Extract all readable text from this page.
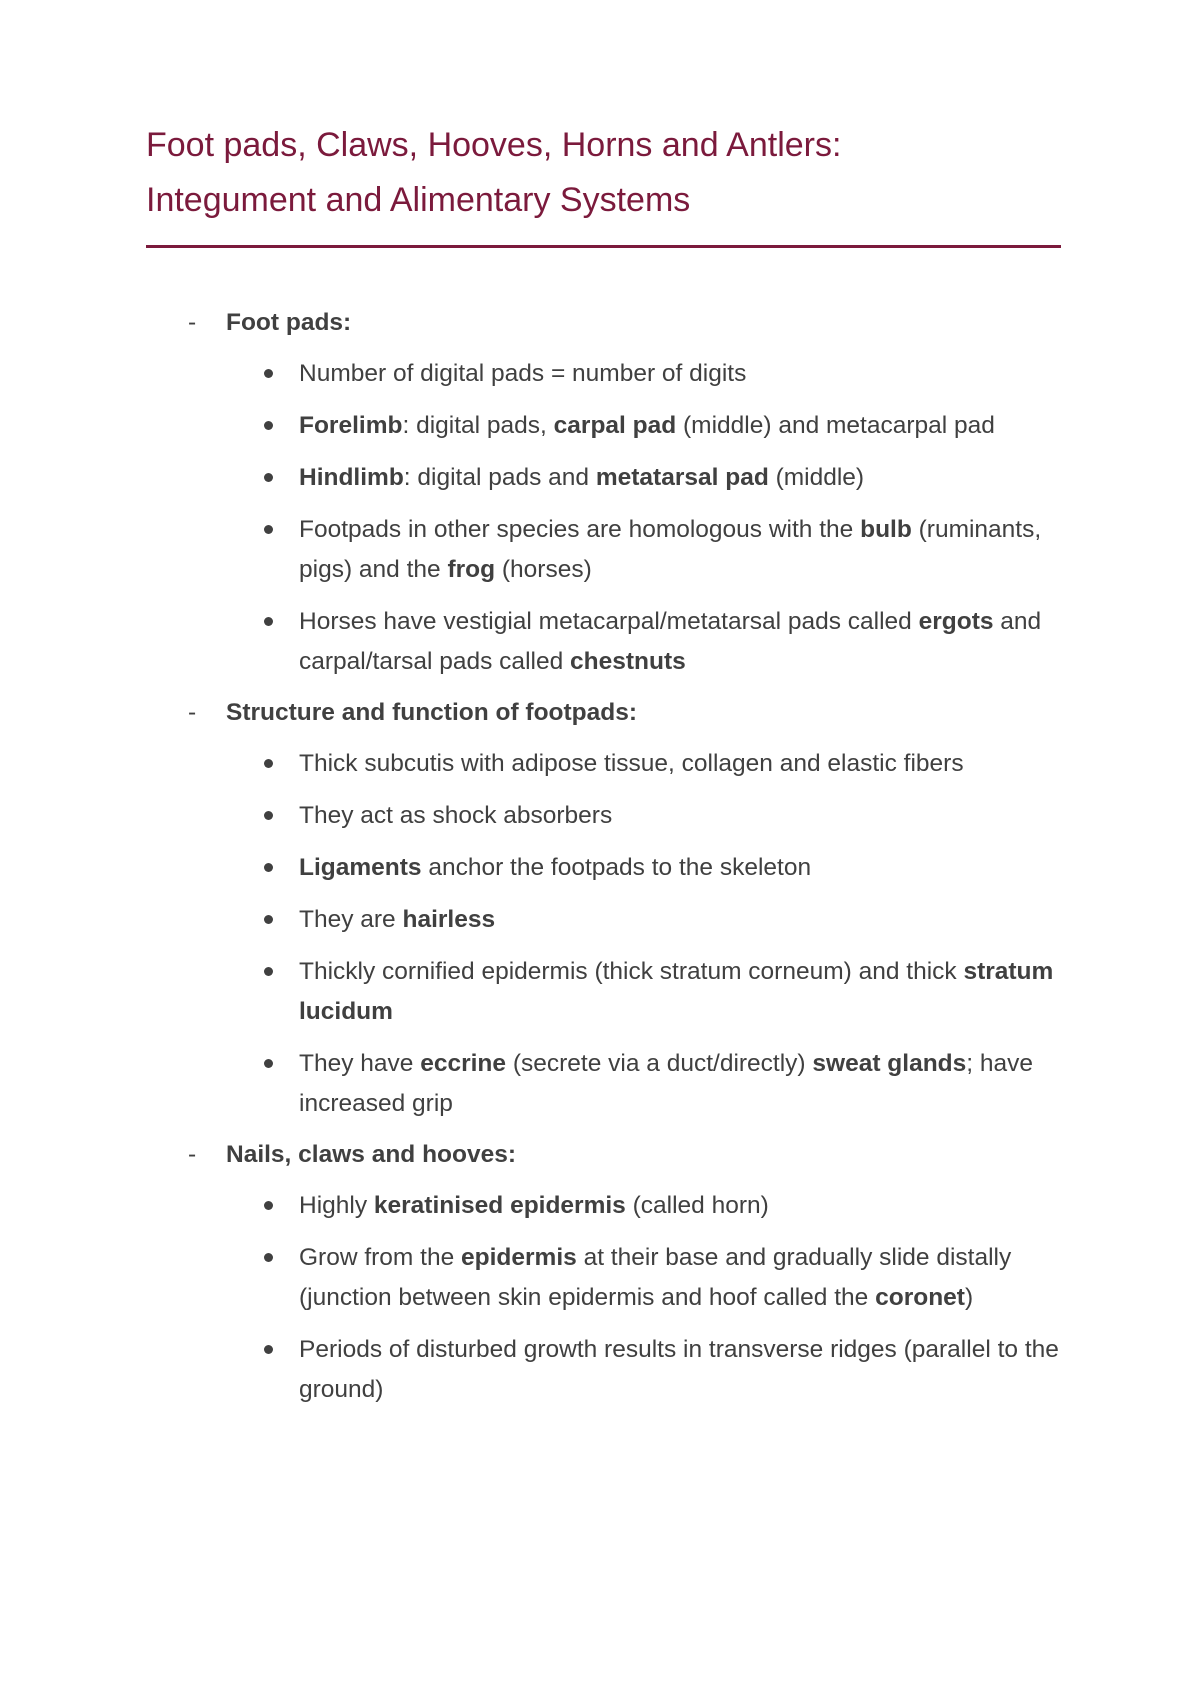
Foot pads, Claws, Hooves, Horns and Antlers:
Integument and Alimentary Systems
- Foot pads:
Number of digital pads = number of digits
Forelimb: digital pads, carpal pad (middle) and metacarpal pad
Hindlimb: digital pads and metatarsal pad (middle)
Footpads in other species are homologous with the bulb (ruminants, pigs) and the frog (horses)
Horses have vestigial metacarpal/metatarsal pads called ergots and carpal/tarsal pads called chestnuts
- Structure and function of footpads:
Thick subcutis with adipose tissue, collagen and elastic fibers
They act as shock absorbers
Ligaments anchor the footpads to the skeleton
They are hairless
Thickly cornified epidermis (thick stratum corneum) and thick stratum lucidum
They have eccrine (secrete via a duct/directly) sweat glands; have increased grip
- Nails, claws and hooves:
Highly keratinised epidermis (called horn)
Grow from the epidermis at their base and gradually slide distally (junction between skin epidermis and hoof called the coronet)
Periods of disturbed growth results in transverse ridges (parallel to the ground)
